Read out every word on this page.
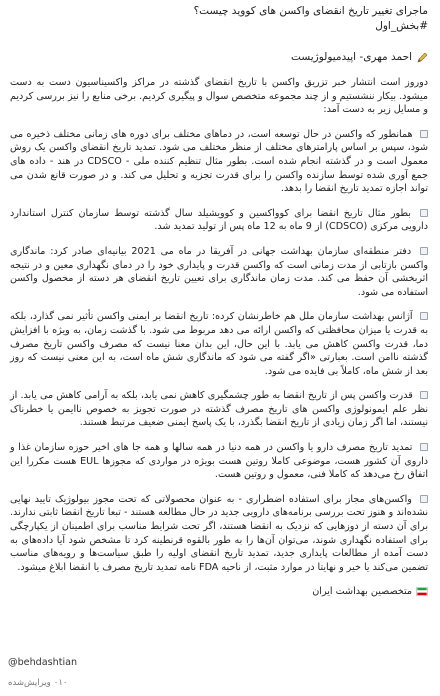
ماجرای تغییر تاریخ انقضای واکسن های کووید چیست؟
#بخش_اول
احمد مهری- اپیدمیولوژیست

دوروز است انتشار خبر تزریق واکسن با تاریخ انقضای گذشته در مراکز واکسیناسیون دست به دست میشود. بیکار ننشستیم و از چند مجموعه متخصص سوال و پیگیری کردیم. برخی منابع را نیز بررسی کردیم و مسایل زیر به دست آمد:

همانطور که واکسن در حال توسعه است، در دماهای مختلف برای دوره های زمانی مختلف ذخیره می شود، سپس بر اساس پارامترهای مختلف از منظر مختلف می شود. تمدید تاریخ انقضای واکسن یک روش معمول است و در گذشته انجام شده است. بطور مثال تنظیم کننده ملی - CDSCO در هند - داده های جمع آوری شده توسط سازنده واکسن را برای قدرت تجزیه و تحلیل می کند. و در صورت قانع شدن می تواند اجازه تمدید تاریخ انقضا را بدهد.

بطور مثال تاریخ انقضا برای کوواکسین و کوویشیلد سال گذشته توسط سازمان کنترل استاندارد دارویی مرکزی (CDSCO) از 9 ماه به 12 ماه پس از تولید تمدید شد.

دفتر منطقه‌ای سازمان بهداشت جهانی در آفریقا در ماه می 2021 بیانیه‌ای صادر کرد: ماندگاری واکسن بازتابی از مدت زمانی است که واکسن قدرت و پایداری خود را در دمای نگهداری معین و در نتیجه اثربخشی آن حفظ می کند. مدت زمان ماندگاری برای تعیین تاریخ انقضای هر دسته از محصول واکسن استفاده می شود.

آژانس بهداشت سازمان ملل هم خاطرنشان کرده: تاریخ انقضا بر ایمنی واکسن تأثیر نمی گذارد، بلکه به قدرت یا میزان محافظتی که واکسن ارائه می دهد مربوط می شود. با گذشت زمان، به ویژه با افزایش دما، قدرت واکسن کاهش می یابد. با این حال، این بدان معنا نیست که مصرف واکسن تاریخ مصرف گذشته ناامن است. بعبارتی «اگر گفته می شود که ماندگاری شش ماه است، به این معنی نیست که روز بعد از شش ماه، کاملاً بی فایده می شود.

قدرت واکسن پس از تاریخ انقضا به طور چشمگیری کاهش نمی یابد، بلکه به آرامی کاهش می یابد. از نظر علم ایمونولوژی واکسن های تاریخ مصرف گذشته در صورت تجویز به خصوص ناایمن یا خطرناک نیستند، اما اگر زمان زیادی از تاریخ انقضا بگذرد، با یک پاسخ ایمنی ضعیف مرتبط هستند.

تمدید تاریخ مصرف دارو یا واکسن در همه دنیا در همه سالها و همه جا های اخیر حوزه سازمان غذا و داروی آن کشور هست، موضوعی کاملا روتین هست بویژه در مواردی که مجوزها EUL هست مکررا این اتفاق رخ می‌دهد که کاملا فنی، معمول و روتین هست.

واکسن‌های مجاز برای استفاده اضطراری - به عنوان محصولاتی که تحت مجوز بیولوژیک تایید نهایی نشده‌اند و هنوز تحت بررسی برنامه‌های دارویی جدید در حال مطالعه هستند - تبعا تاریخ انقضا ثابتی ندارند. برای آن دسته از دوزهایی که نزدیک به انقضا هستند، اگر تحت شرایط مناسب برای اطمینان از یکپارچگی برای استفاده نگهداری شوند، می‌توان آن‌ها را به طور بالقوه قرنطینه کرد تا مشخص شود آیا داده‌های به دست آمده از مطالعات پایداری جدید، تمدید تاریخ انقضای اولیه را طبق سیاست‌ها و رویه‌های مناسب تضمین می‌کند یا خیر و نهایتا در موارد مثبت، از ناحیه FDA نامه تمدید تاریخ مصرف یا انقضا ابلاغ میشود.

متخصصین بهداشت ایران
@behdashtian
۰۱۰
ویرایش‌شده
